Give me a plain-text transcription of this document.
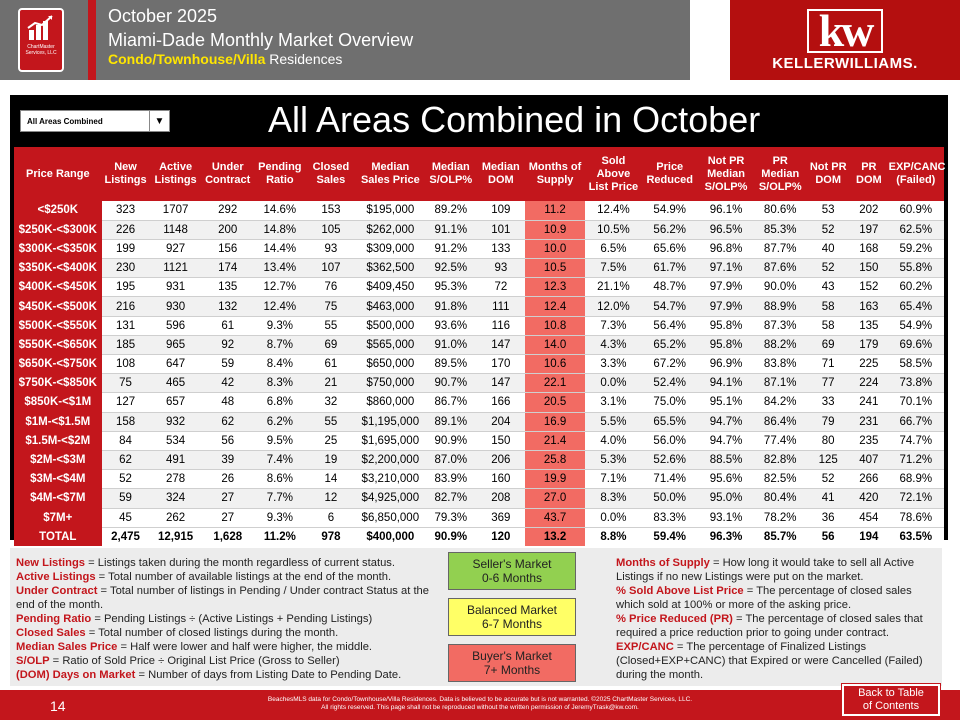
ChartMaster Services, LLC
October 2025
Miami-Dade Monthly Market Overview
Condo/Townhouse/Villa Residences
kw
KELLERWILLIAMS.
All Areas Combined	▼	All Areas Combined in October
Price Range	New Listings	Active Listings	Under Contract	Pending Ratio	Closed Sales	Median Sales Price	Median S/OLP%	Median DOM	Months of Supply	Sold Above List Price	Price Reduced	Not PR Median S/OLP%	PR Median S/OLP%	Not PR DOM	PR DOM	EXP/CANC (Failed)
<$250K	323	1707	292	14.6%	153	$195,000	89.2%	109	11.2	12.4%	54.9%	96.1%	80.6%	53	202	60.9%
$250K-<$300K	226	1148	200	14.8%	105	$262,000	91.1%	101	10.9	10.5%	56.2%	96.5%	85.3%	52	197	62.5%
$300K-<$350K	199	927	156	14.4%	93	$309,000	91.2%	133	10.0	6.5%	65.6%	96.8%	87.7%	40	168	59.2%
$350K-<$400K	230	1121	174	13.4%	107	$362,500	92.5%	93	10.5	7.5%	61.7%	97.1%	87.6%	52	150	55.8%
$400K-<$450K	195	931	135	12.7%	76	$409,450	95.3%	72	12.3	21.1%	48.7%	97.9%	90.0%	43	152	60.2%
$450K-<$500K	216	930	132	12.4%	75	$463,000	91.8%	111	12.4	12.0%	54.7%	97.9%	88.9%	58	163	65.4%
$500K-<$550K	131	596	61	9.3%	55	$500,000	93.6%	116	10.8	7.3%	56.4%	95.8%	87.3%	58	135	54.9%
$550K-<$650K	185	965	92	8.7%	69	$565,000	91.0%	147	14.0	4.3%	65.2%	95.8%	88.2%	69	179	69.6%
$650K-<$750K	108	647	59	8.4%	61	$650,000	89.5%	170	10.6	3.3%	67.2%	96.9%	83.8%	71	225	58.5%
$750K-<$850K	75	465	42	8.3%	21	$750,000	90.7%	147	22.1	0.0%	52.4%	94.1%	87.1%	77	224	73.8%
$850K-<$1M	127	657	48	6.8%	32	$860,000	86.7%	166	20.5	3.1%	75.0%	95.1%	84.2%	33	241	70.1%
$1M-<$1.5M	158	932	62	6.2%	55	$1,195,000	89.1%	204	16.9	5.5%	65.5%	94.7%	86.4%	79	231	66.7%
$1.5M-<$2M	84	534	56	9.5%	25	$1,695,000	90.9%	150	21.4	4.0%	56.0%	94.7%	77.4%	80	235	74.7%
$2M-<$3M	62	491	39	7.4%	19	$2,200,000	87.0%	206	25.8	5.3%	52.6%	88.5%	82.8%	125	407	71.2%
$3M-<$4M	52	278	26	8.6%	14	$3,210,000	83.9%	160	19.9	7.1%	71.4%	95.6%	82.5%	52	266	68.9%
$4M-<$7M	59	324	27	7.7%	12	$4,925,000	82.7%	208	27.0	8.3%	50.0%	95.0%	80.4%	41	420	72.1%
$7M+	45	262	27	9.3%	6	$6,850,000	79.3%	369	43.7	0.0%	83.3%	93.1%	78.2%	36	454	78.6%
TOTAL	2,475	12,915	1,628	11.2%	978	$400,000	90.9%	120	13.2	8.8%	59.4%	96.3%	85.7%	56	194	63.5%
New Listings = Listings taken during the month regardless of current status.
Active Listings = Total number of available listings at the end of the month.
Under Contract = Total number of listings in Pending / Under contract Status at the end of the month.
Pending Ratio = Pending Listings ÷ (Active Listings + Pending Listings)
Closed Sales = Total number of closed listings during the month.
Median Sales Price = Half were lower and half were higher, the middle.
S/OLP = Ratio of Sold Price ÷ Original List Price (Gross to Seller)
(DOM) Days on Market = Number of days from Listing Date to Pending Date.
Seller's Market
0-6 Months
Balanced Market
6-7 Months
Buyer's Market
7+ Months
Months of Supply = How long it would take to sell all Active Listings if no new Listings were put on the market.
% Sold Above List Price = The percentage of closed sales which sold at 100% or more of the asking price.
% Price Reduced (PR) = The percentage of closed sales that required a price reduction prior to going under contract.
EXP/CANC = The percentage of Finalized Listings (Closed+EXP+CANC) that Expired or were Cancelled (Failed) during the month.
14	BeachesMLS data for Condo/Townhouse/Villa Residences. Data is believed to be accurate but is not warranted. ©2025 ChartMaster Services, LLC.
All rights reserved. This page shall not be reproduced without the written permission of JeremyTrask@kw.com.
Back to Table
of Contents
